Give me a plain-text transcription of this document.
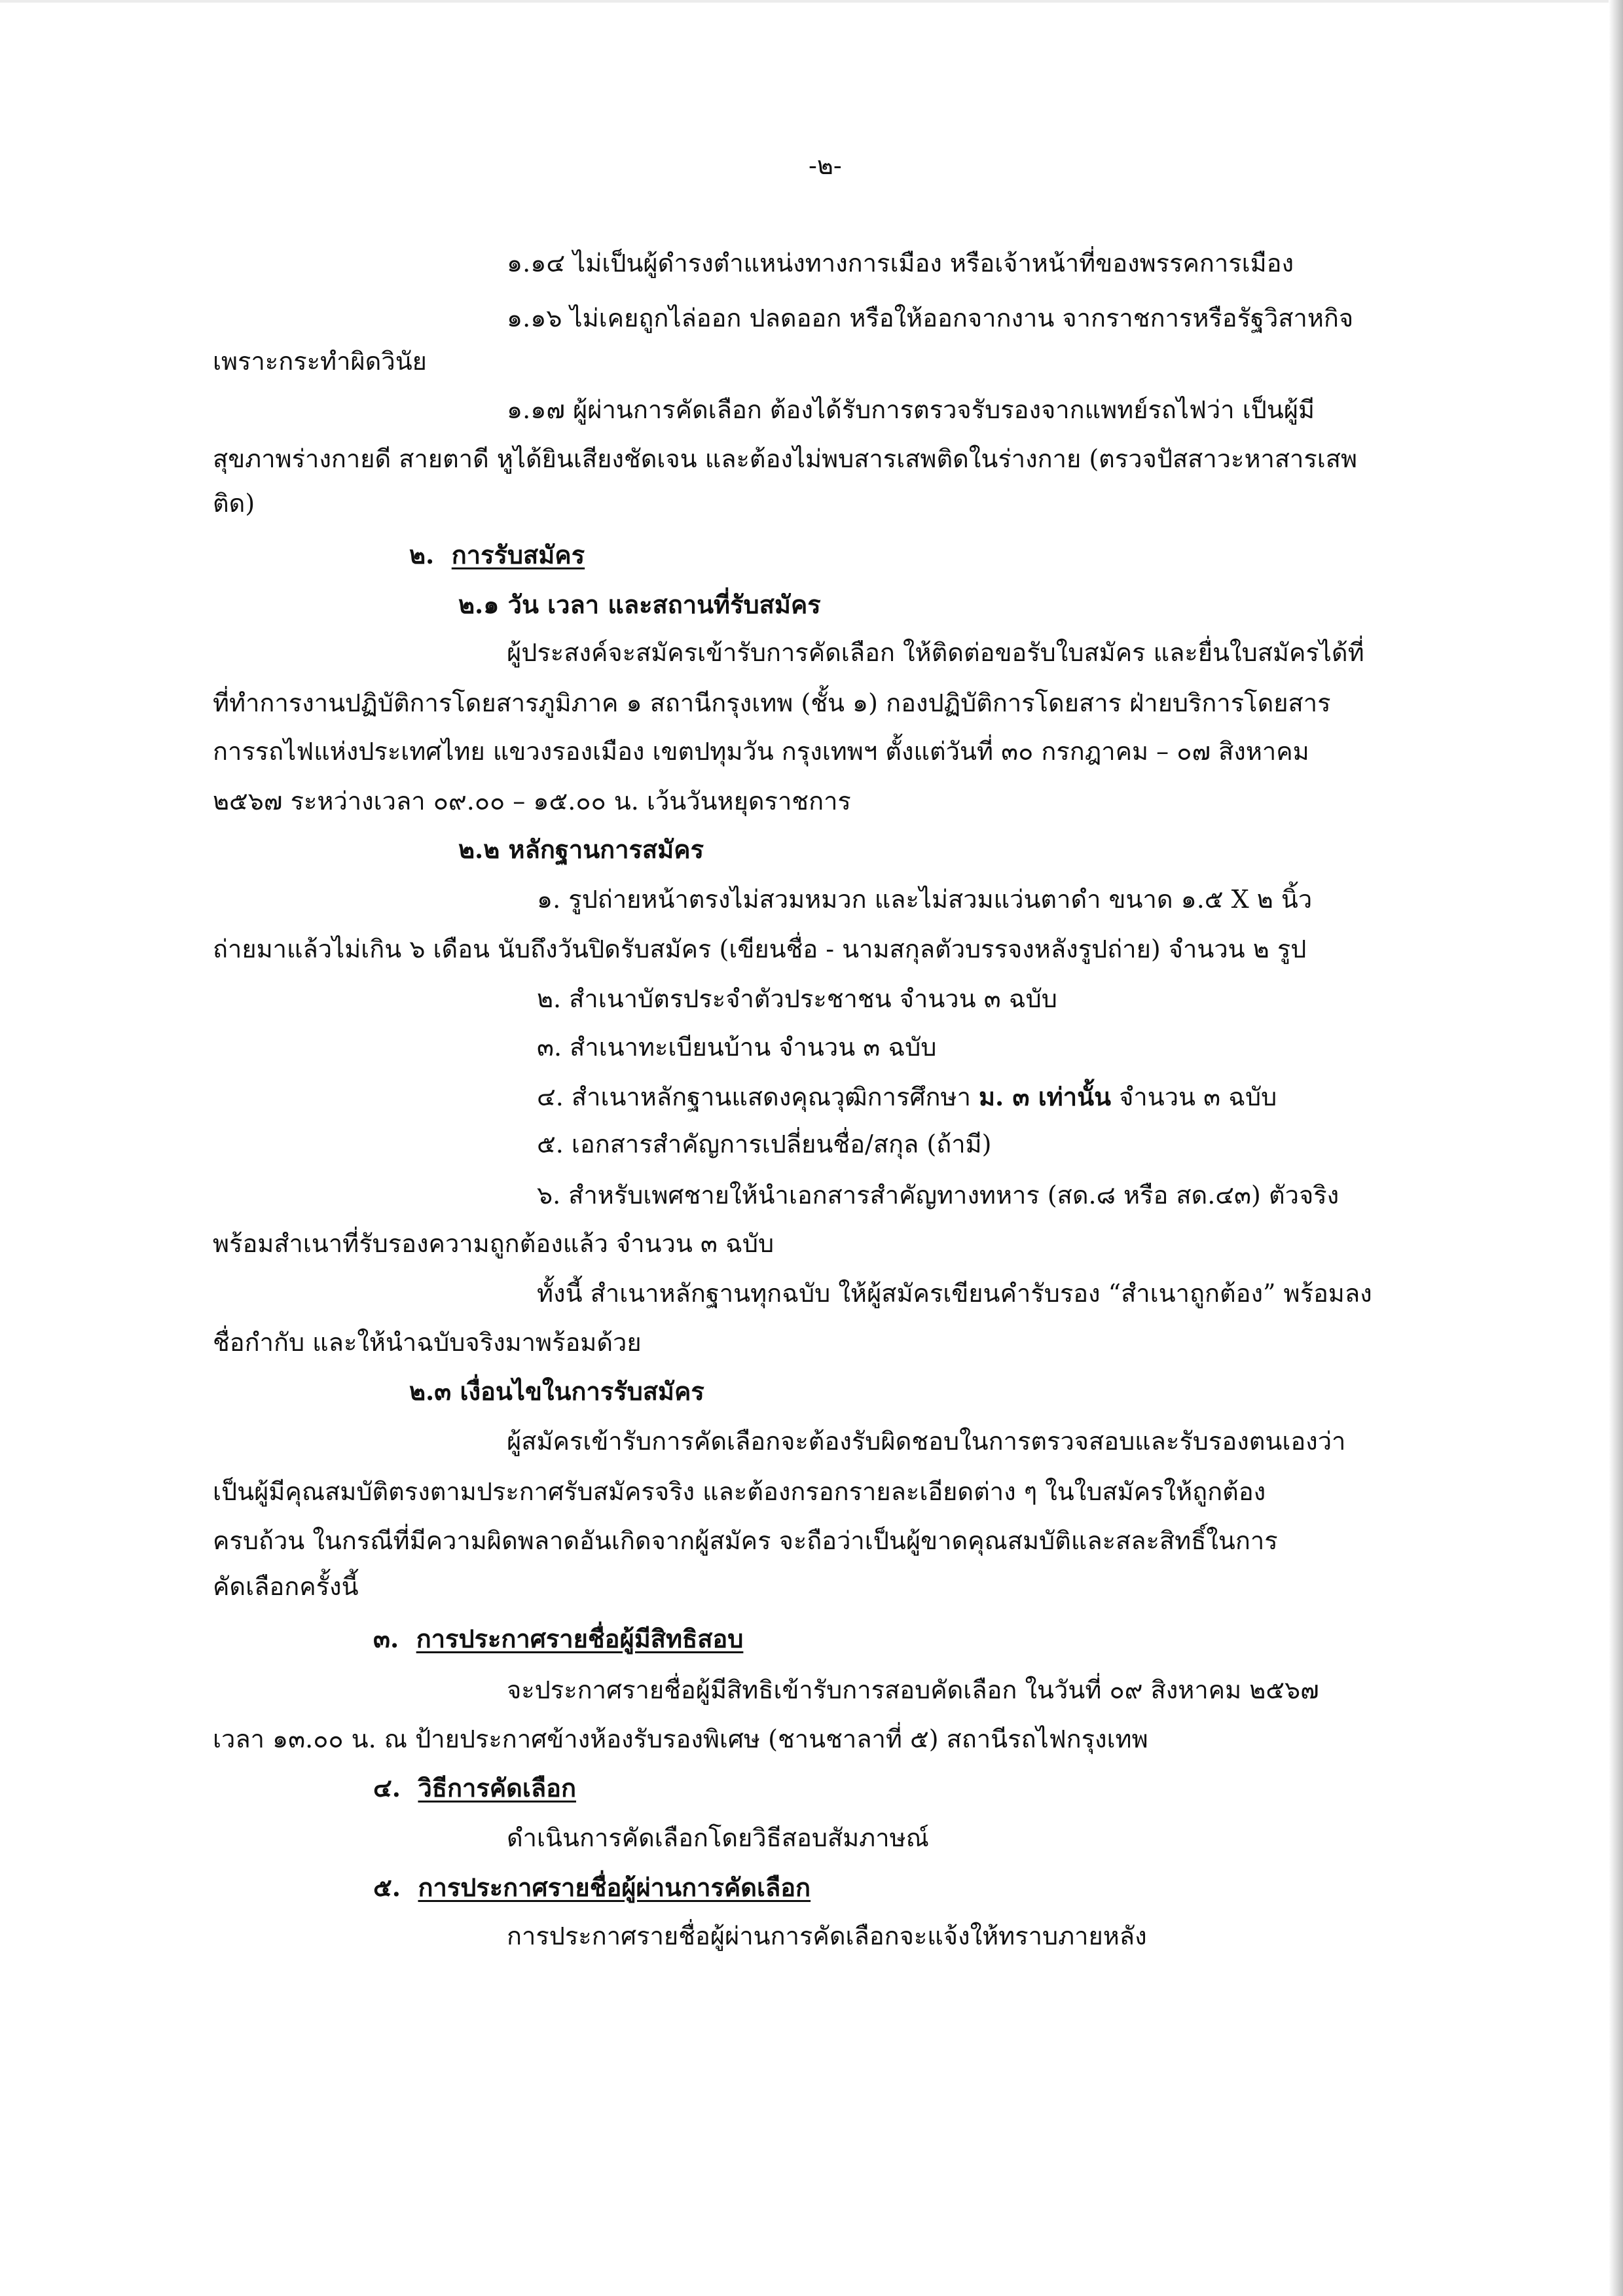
-๒-
๑.๑๔ ไม่เป็นผู้ดำรงตำแหน่งทางการเมือง หรือเจ้าหน้าที่ของพรรคการเมือง
๑.๑๖ ไม่เคยถูกไล่ออก ปลดออก หรือให้ออกจากงาน จากราชการหรือรัฐวิสาหกิจ
เพราะกระทำผิดวินัย
๑.๑๗ ผู้ผ่านการคัดเลือก ต้องได้รับการตรวจรับรองจากแพทย์รถไฟว่า เป็นผู้มี
สุขภาพร่างกายดี สายตาดี หูได้ยินเสียงชัดเจน และต้องไม่พบสารเสพติดในร่างกาย (ตรวจปัสสาวะหาสารเสพ
ติด)
๒. การรับสมัคร
๒.๑ วัน เวลา และสถานที่รับสมัคร
ผู้ประสงค์จะสมัครเข้ารับการคัดเลือก ให้ติดต่อขอรับใบสมัคร และยื่นใบสมัครได้ที่
ที่ทำการงานปฏิบัติการโดยสารภูมิภาค ๑ สถานีกรุงเทพ (ชั้น ๑) กองปฏิบัติการโดยสาร ฝ่ายบริการโดยสาร
การรถไฟแห่งประเทศไทย แขวงรองเมือง เขตปทุมวัน กรุงเทพฯ ตั้งแต่วันที่ ๓๐ กรกฎาคม – ๐๗ สิงหาคม
๒๕๖๗ ระหว่างเวลา ๐๙.๐๐ – ๑๕.๐๐ น. เว้นวันหยุดราชการ
๒.๒ หลักฐานการสมัคร
๑. รูปถ่ายหน้าตรงไม่สวมหมวก และไม่สวมแว่นตาดำ ขนาด ๑.๕ X ๒ นิ้ว
ถ่ายมาแล้วไม่เกิน ๖ เดือน นับถึงวันปิดรับสมัคร (เขียนชื่อ - นามสกุลตัวบรรจงหลังรูปถ่าย) จำนวน ๒ รูป
๒. สำเนาบัตรประจำตัวประชาชน จำนวน ๓ ฉบับ
๓. สำเนาทะเบียนบ้าน จำนวน ๓ ฉบับ
๔. สำเนาหลักฐานแสดงคุณวุฒิการศึกษา ม. ๓ เท่านั้น จำนวน ๓ ฉบับ
๕. เอกสารสำคัญการเปลี่ยนชื่อ/สกุล (ถ้ามี)
๖. สำหรับเพศชายให้นำเอกสารสำคัญทางทหาร (สด.๘ หรือ สด.๔๓) ตัวจริง
พร้อมสำเนาที่รับรองความถูกต้องแล้ว จำนวน ๓ ฉบับ
ทั้งนี้ สำเนาหลักฐานทุกฉบับ ให้ผู้สมัครเขียนคำรับรอง “สำเนาถูกต้อง” พร้อมลง
ชื่อกำกับ และให้นำฉบับจริงมาพร้อมด้วย
๒.๓ เงื่อนไขในการรับสมัคร
ผู้สมัครเข้ารับการคัดเลือกจะต้องรับผิดชอบในการตรวจสอบและรับรองตนเองว่า
เป็นผู้มีคุณสมบัติตรงตามประกาศรับสมัครจริง และต้องกรอกรายละเอียดต่าง ๆ ในใบสมัครให้ถูกต้อง
ครบถ้วน ในกรณีที่มีความผิดพลาดอันเกิดจากผู้สมัคร จะถือว่าเป็นผู้ขาดคุณสมบัติและสละสิทธิ์ในการ
คัดเลือกครั้งนี้
๓. การประกาศรายชื่อผู้มีสิทธิสอบ
จะประกาศรายชื่อผู้มีสิทธิเข้ารับการสอบคัดเลือก ในวันที่ ๐๙ สิงหาคม ๒๕๖๗
เวลา ๑๓.๐๐ น. ณ ป้ายประกาศข้างห้องรับรองพิเศษ (ชานชาลาที่ ๕) สถานีรถไฟกรุงเทพ
๔. วิธีการคัดเลือก
ดำเนินการคัดเลือกโดยวิธีสอบสัมภาษณ์
๕. การประกาศรายชื่อผู้ผ่านการคัดเลือก
การประกาศรายชื่อผู้ผ่านการคัดเลือกจะแจ้งให้ทราบภายหลัง
